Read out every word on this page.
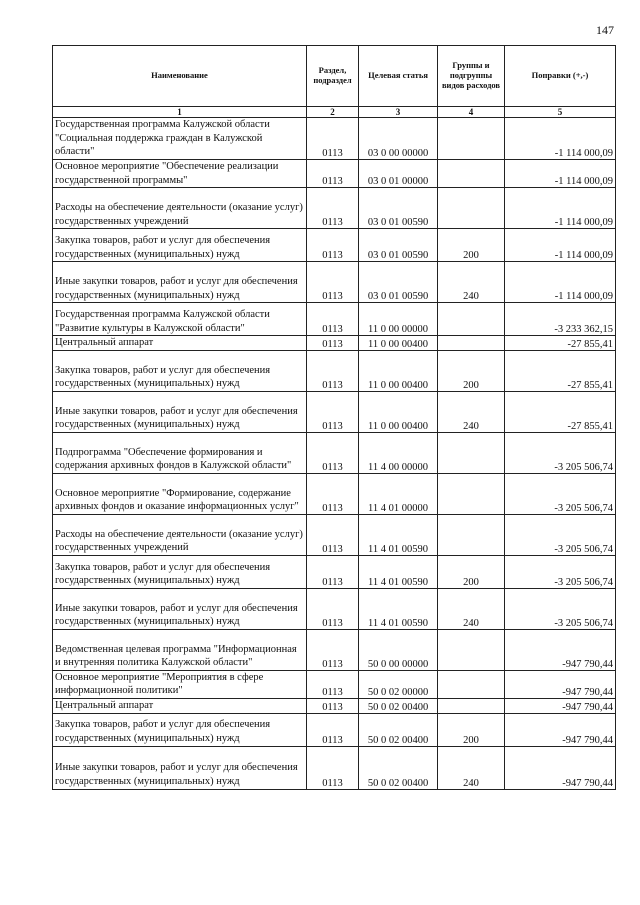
147
Наименование	Раздел, подраздел	Целевая статья	Группы и подгруппы видов расходов	Поправки (+,-)
1	2	3	4	5
Государственная программа Калужской области "Социальная поддержка граждан в Калужской области"	0113	03 0 00 00000		-1 114 000,09
Основное мероприятие "Обеспечение реализации государственной программы"	0113	03 0 01 00000		-1 114 000,09
Расходы на обеспечение деятельности (оказание услуг) государственных учреждений	0113	03 0 01 00590		-1 114 000,09
Закупка товаров, работ и услуг для обеспечения государственных (муниципальных) нужд	0113	03 0 01 00590	200	-1 114 000,09
Иные закупки товаров, работ и услуг для обеспечения государственных (муниципальных) нужд	0113	03 0 01 00590	240	-1 114 000,09
Государственная программа Калужской области "Развитие культуры в Калужской области"	0113	11 0 00 00000		-3 233 362,15
Центральный аппарат	0113	11 0 00 00400		-27 855,41
Закупка товаров, работ и услуг для обеспечения государственных (муниципальных) нужд	0113	11 0 00 00400	200	-27 855,41
Иные закупки товаров, работ и услуг для обеспечения государственных (муниципальных) нужд	0113	11 0 00 00400	240	-27 855,41
Подпрограмма "Обеспечение формирования и содержания архивных фондов в Калужской области"	0113	11 4 00 00000		-3 205 506,74
Основное мероприятие "Формирование, содержание архивных фондов и оказание информационных услуг"	0113	11 4 01 00000		-3 205 506,74
Расходы на обеспечение деятельности (оказание услуг) государственных учреждений	0113	11 4 01 00590		-3 205 506,74
Закупка товаров, работ и услуг для обеспечения государственных (муниципальных) нужд	0113	11 4 01 00590	200	-3 205 506,74
Иные закупки товаров, работ и услуг для обеспечения государственных (муниципальных) нужд	0113	11 4 01 00590	240	-3 205 506,74
Ведомственная целевая программа "Информационная и внутренняя политика Калужской области"	0113	50 0 00 00000		-947 790,44
Основное мероприятие "Мероприятия в сфере информационной политики"	0113	50 0 02 00000		-947 790,44
Центральный аппарат	0113	50 0 02 00400		-947 790,44
Закупка товаров, работ и услуг для обеспечения государственных (муниципальных) нужд	0113	50 0 02 00400	200	-947 790,44
Иные закупки товаров, работ и услуг для обеспечения государственных (муниципальных) нужд	0113	50 0 02 00400	240	-947 790,44
